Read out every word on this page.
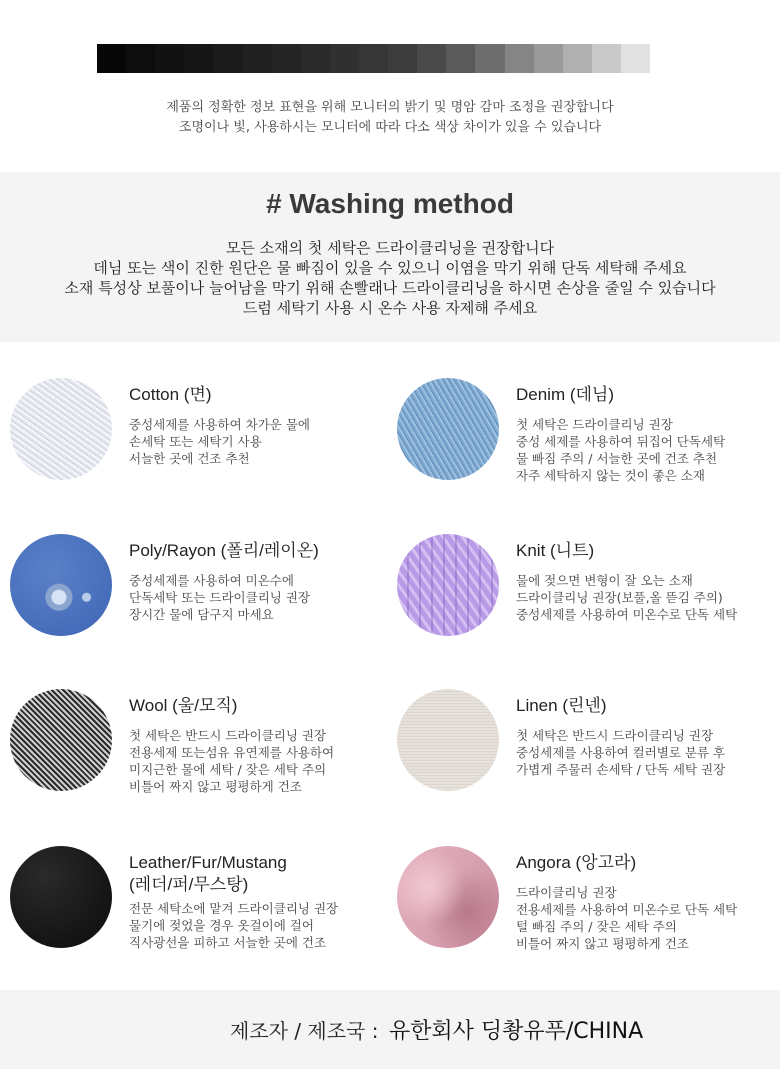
제품의 정확한 정보 표현을 위해 모니터의 밝기 및 명암 감마 조정을 권장합니다
조명이나 빛, 사용하시는 모니터에 따라 다소 색상 차이가 있을 수 있습니다
# Washing method
모든 소재의 첫 세탁은 드라이클리닝을 권장합니다
데님 또는 색이 진한 원단은 물 빠짐이 있을 수 있으니 이염을 막기 위해 단독 세탁해 주세요
소재 특성상 보풀이나 늘어남을 막기 위해 손빨래나 드라이클리닝을 하시면 손상을 줄일 수 있습니다
드럼 세탁기 사용 시 온수 사용 자제해 주세요
Cotton (면)
중성세제를 사용하여 차가운 물에
손세탁 또는 세탁기 사용
서늘한 곳에 건조 추천
Denim (데님)
첫 세탁은 드라이클리닝 권장
중성 세제를 사용하여 뒤집어 단독세탁
물 빠짐 주의 / 서늘한 곳에 건조 추천
자주 세탁하지 않는 것이 좋은 소재
Poly/Rayon (폴리/레이온)
중성세제를 사용하여 미온수에
단독세탁 또는 드라이클리닝 권장
장시간 물에 담구지 마세요
Knit (니트)
물에 젖으면 변형이 잘 오는 소재
드라이클리닝 권장(보풀,올 뜯김 주의)
중성세제를 사용하여 미온수로 단독 세탁
Wool (울/모직)
첫 세탁은 반드시 드라이클리닝 권장
전용세제 또는섬유 유연제를 사용하여
미지근한 물에 세탁 / 잦은 세탁 주의
비틀어 짜지 않고 평평하게 건조
Linen (린넨)
첫 세탁은 반드시 드라이클리닝 권장
중성세제를 사용하여 컬러별로 분류 후
가볍게 주물러 손세탁 / 단독 세탁 권장
Leather/Fur/Mustang
(레더/퍼/무스탕)
전문 세탁소에 맡겨 드라이클리닝 권장
물기에 젖었을 경우 옷걸이에 걸어
직사광선을 피하고 서늘한 곳에 건조
Angora (앙고라)
드라이클리닝 권장
전용세제를 사용하여 미온수로 단독 세탁
털 빠짐 주의 / 잦은 세탁 주의
비틀어 짜지 않고 평평하게 건조
제조자 / 제조국 : 유한회사 딩촹유푸/CHINA
